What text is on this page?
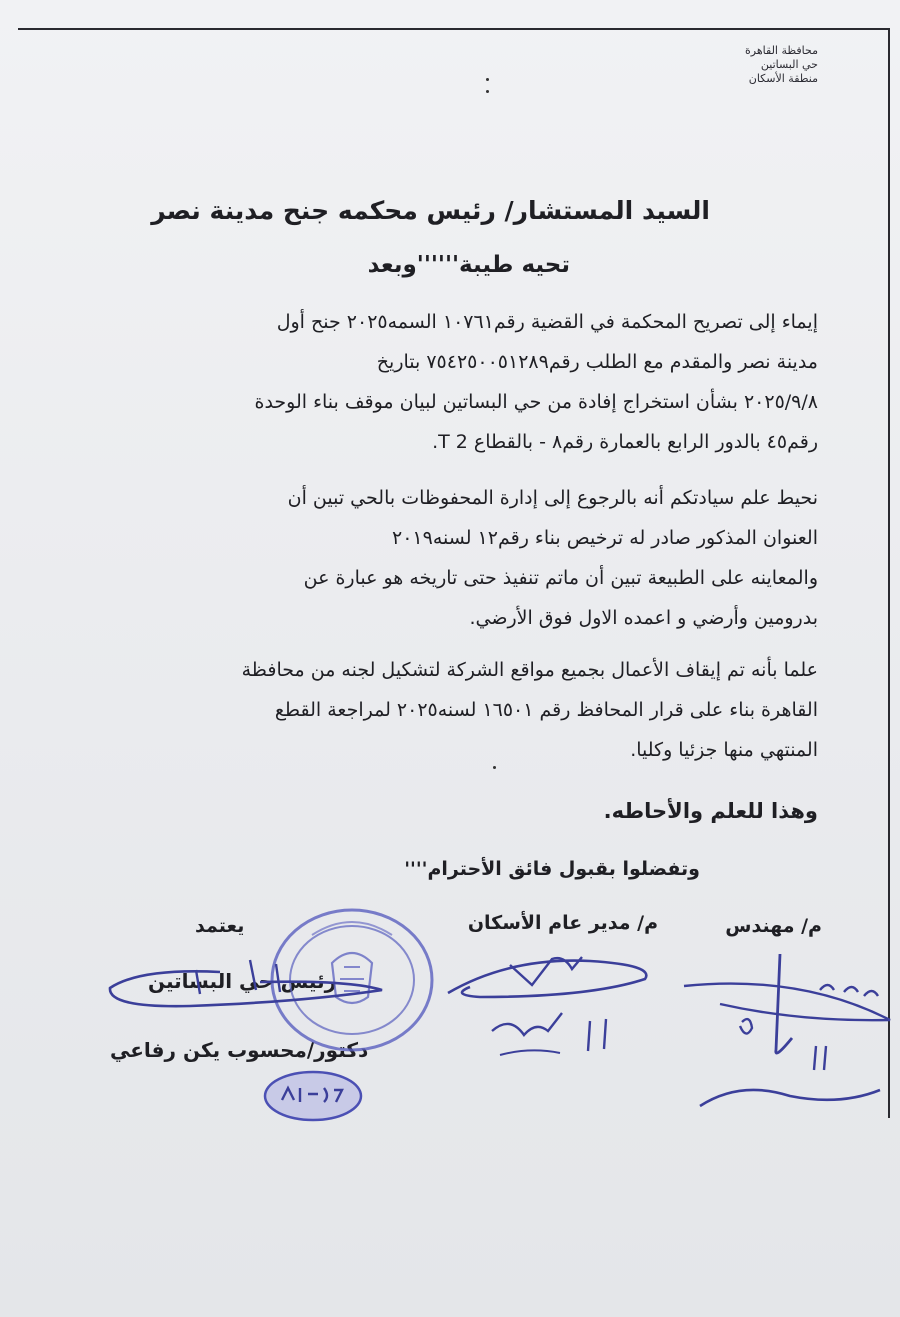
محافظة القاهرة
حي البساتين
منطقة الأسكان
السيد المستشار/ رئيس محكمه جنح مدينة نصر
تحيه طيبة''''''وبعد
إيماء إلى تصريح المحكمة في القضية رقم١٠٧٦١ السمه٢٠٢٥ جنح أول
مدينة نصر والمقدم مع الطلب رقم٧٥٤٢٥٠٠٥١٢٨٩ بتاريخ
٢٠٢٥/٩/٨ بشأن استخراج إفادة من حي البساتين لبيان موقف بناء الوحدة
رقم٤٥ بالدور الرابع بالعمارة رقم٨ - بالقطاع T 2.
نحيط علم سيادتكم أنه بالرجوع إلى إدارة المحفوظات بالحي تبين أن
العنوان المذكور صادر له ترخيص بناء رقم١٢ لسنه٢٠١٩
والمعاينه على الطبيعة تبين أن ماتم تنفيذ حتى تاريخه هو عبارة عن
بدرومين وأرضي و اعمده الاول فوق الأرضي.
علما بأنه تم إيقاف الأعمال بجميع مواقع الشركة لتشكيل لجنه من محافظة
القاهرة بناء على قرار المحافظ رقم ١٦٥٠١ لسنه٢٠٢٥ لمراجعة القطع
المنتهي منها جزئيا وكليا.
وهذا للعلم والأحاطه.
وتفضلوا بقبول فائق الأحترام''''
م/ مهندس
م/ مدير عام الأسكان
يعتمد
رئيس حي البساتين
دكتور/محسوب يكن رفاعي
